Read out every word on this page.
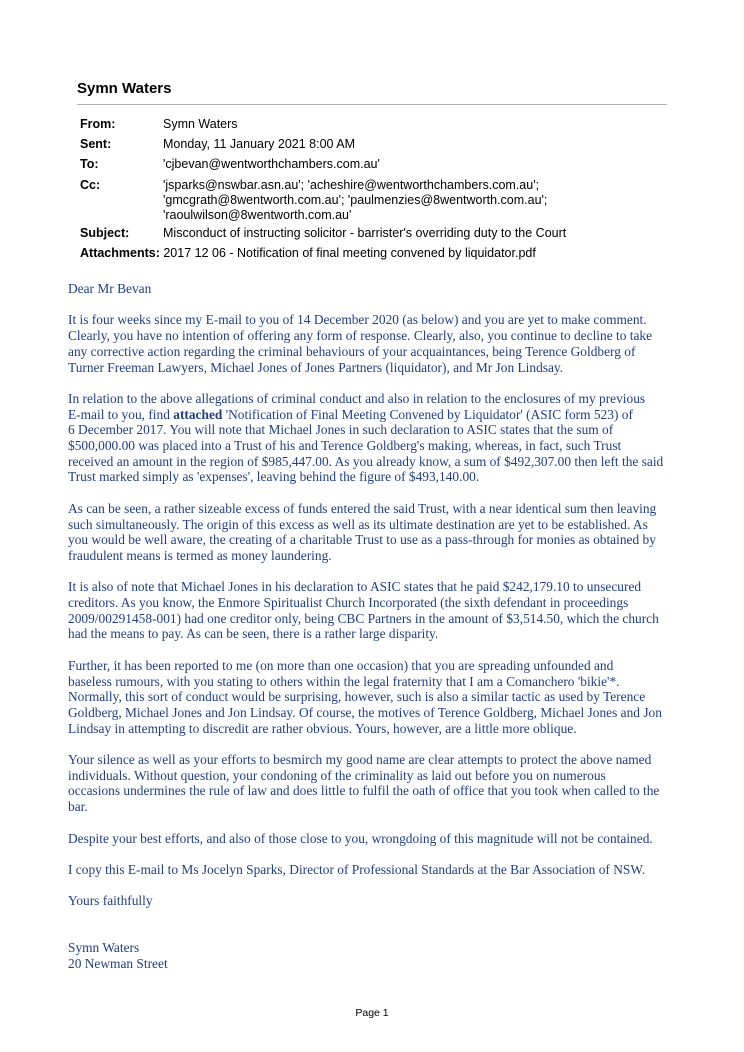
Symn Waters
From:	Symn Waters
Sent:	Monday, 11 January 2021 8:00 AM
To:	'cjbevan@wentworthchambers.com.au'
Cc:	'jsparks@nswbar.asn.au'; 'acheshire@wentworthchambers.com.au';
'gmcgrath@8wentworth.com.au'; 'paulmenzies@8wentworth.com.au';
'raoulwilson@8wentworth.com.au'
Subject:	Misconduct of instructing solicitor - barrister's overriding duty to the Court
Attachments: 2017 12 06 - Notification of final meeting convened by liquidator.pdf

Dear Mr Bevan

It is four weeks since my E-mail to you of 14 December 2020 (as below) and you are yet to make comment.
Clearly, you have no intention of offering any form of response. Clearly, also, you continue to decline to take
any corrective action regarding the criminal behaviours of your acquaintances, being Terence Goldberg of
Turner Freeman Lawyers, Michael Jones of Jones Partners (liquidator), and Mr Jon Lindsay.

In relation to the above allegations of criminal conduct and also in relation to the enclosures of my previous
E-mail to you, find attached 'Notification of Final Meeting Convened by Liquidator' (ASIC form 523) of
6 December 2017. You will note that Michael Jones in such declaration to ASIC states that the sum of
$500,000.00 was placed into a Trust of his and Terence Goldberg's making, whereas, in fact, such Trust
received an amount in the region of $985,447.00. As you already know, a sum of $492,307.00 then left the said
Trust marked simply as 'expenses', leaving behind the figure of $493,140.00.

As can be seen, a rather sizeable excess of funds entered the said Trust, with a near identical sum then leaving
such simultaneously. The origin of this excess as well as its ultimate destination are yet to be established. As
you would be well aware, the creating of a charitable Trust to use as a pass-through for monies as obtained by
fraudulent means is termed as money laundering.

It is also of note that Michael Jones in his declaration to ASIC states that he paid $242,179.10 to unsecured
creditors. As you know, the Enmore Spiritualist Church Incorporated (the sixth defendant in proceedings
2009/00291458-001) had one creditor only, being CBC Partners in the amount of $3,514.50, which the church
had the means to pay. As can be seen, there is a rather large disparity.

Further, it has been reported to me (on more than one occasion) that you are spreading unfounded and
baseless rumours, with you stating to others within the legal fraternity that I am a Comanchero 'bikie'*.
Normally, this sort of conduct would be surprising, however, such is also a similar tactic as used by Terence
Goldberg, Michael Jones and Jon Lindsay. Of course, the motives of Terence Goldberg, Michael Jones and Jon
Lindsay in attempting to discredit are rather obvious. Yours, however, are a little more oblique.

Your silence as well as your efforts to besmirch my good name are clear attempts to protect the above named
individuals. Without question, your condoning of the criminality as laid out before you on numerous
occasions undermines the rule of law and does little to fulfil the oath of office that you took when called to the
bar.

Despite your best efforts, and also of those close to you, wrongdoing of this magnitude will not be contained.

I copy this E-mail to Ms Jocelyn Sparks, Director of Professional Standards at the Bar Association of NSW.

Yours faithfully

Symn Waters

20 Newman Street

Page 1
